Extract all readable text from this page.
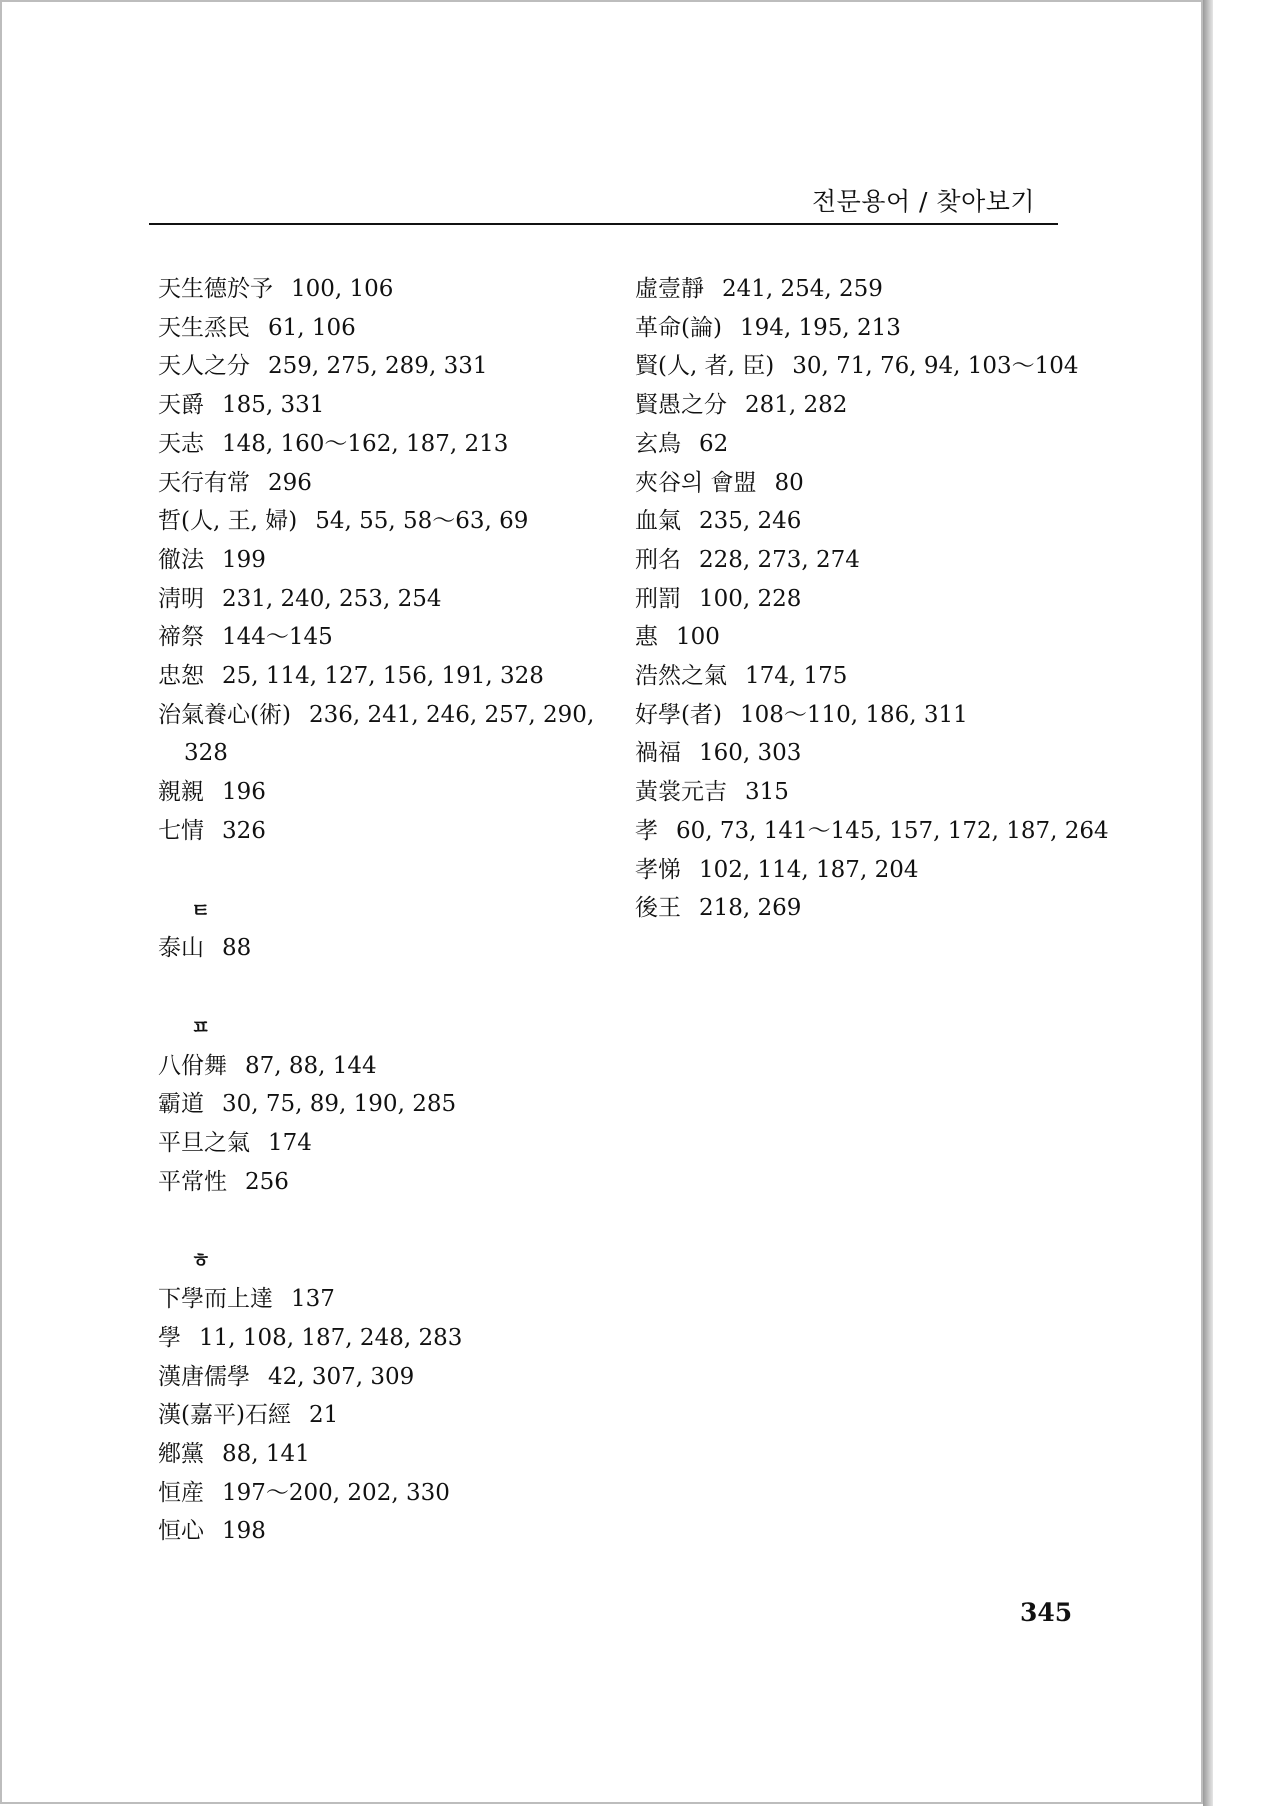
전문용어 / 찾아보기
天生德於予 100, 106
天生烝民 61, 106
天人之分 259, 275, 289, 331
天爵 185, 331
天志 148, 160～162, 187, 213
天行有常 296
哲(人, 王, 婦) 54, 55, 58～63, 69
徹法 199
淸明 231, 240, 253, 254
禘祭 144～145
忠恕 25, 114, 127, 156, 191, 328
治氣養心(術) 236, 241, 246, 257, 290,
328
親親 196
七情 326
ㅌ
泰山 88
ㅍ
八佾舞 87, 88, 144
霸道 30, 75, 89, 190, 285
平旦之氣 174
平常性 256
ㅎ
下學而上達 137
學 11, 108, 187, 248, 283
漢唐儒學 42, 307, 309
漢(嘉平)石經 21
鄕黨 88, 141
恒産 197～200, 202, 330
恒心 198
虛壹靜 241, 254, 259
革命(論) 194, 195, 213
賢(人, 者, 臣) 30, 71, 76, 94, 103～104
賢愚之分 281, 282
玄鳥 62
夾谷의 會盟 80
血氣 235, 246
刑名 228, 273, 274
刑罰 100, 228
惠 100
浩然之氣 174, 175
好學(者) 108～110, 186, 311
禍福 160, 303
黃裳元吉 315
孝 60, 73, 141～145, 157, 172, 187, 264
孝悌 102, 114, 187, 204
後王 218, 269
345
